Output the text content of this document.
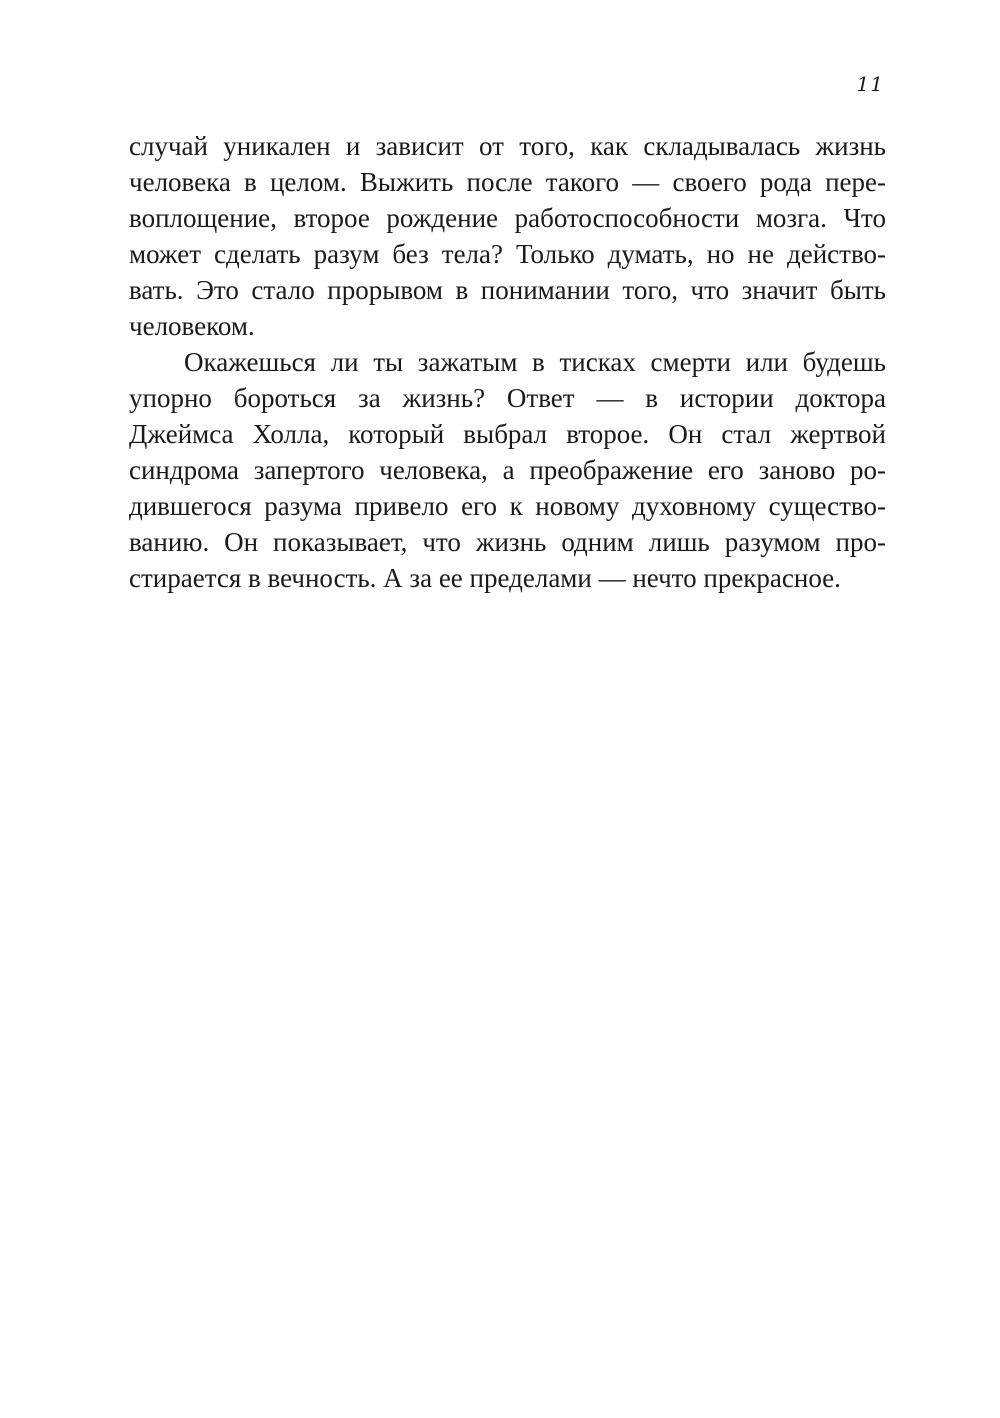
11
случай уникален и зависит от того, как складывалась жизнь
человека в целом. Выжить после такого — своего рода пере-
воплощение, второе рождение работоспособности мозга. Что
может сделать разум без тела? Только думать, но не действо-
вать. Это стало прорывом в понимании того, что значит быть
человеком.
Окажешься ли ты зажатым в тисках смерти или будешь
упорно бороться за жизнь? Ответ — в истории доктора
Джеймса Холла, который выбрал второе. Он стал жертвой
синдрома запертого человека, а преображение его заново ро-
дившегося разума привело его к новому духовному существо-
ванию. Он показывает, что жизнь одним лишь разумом про-
стирается в вечность. А за ее пределами — нечто прекрасное.
